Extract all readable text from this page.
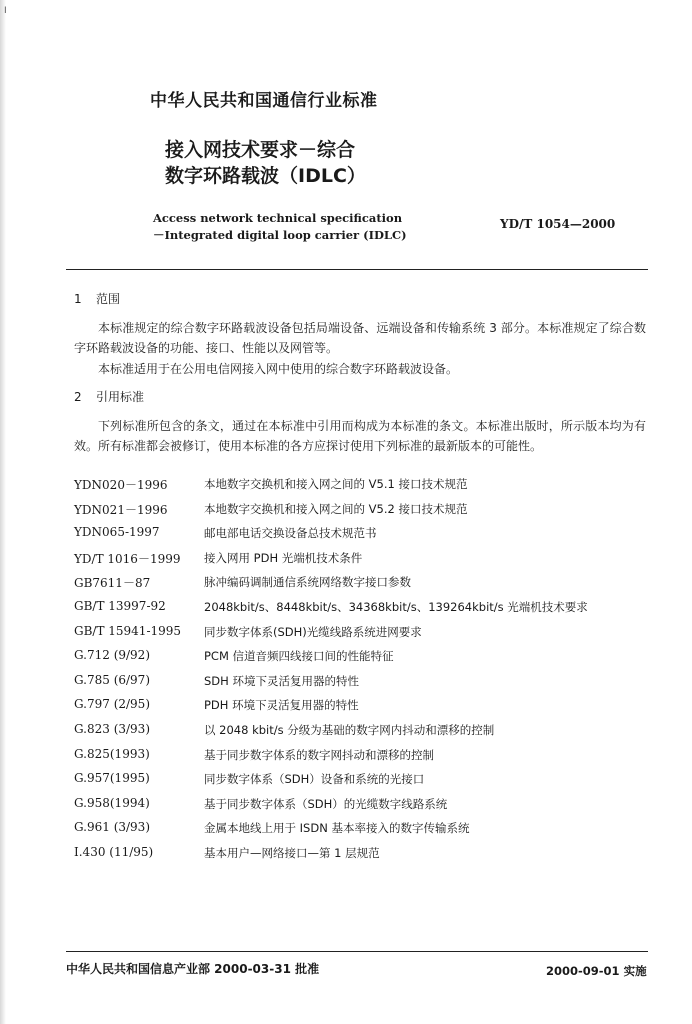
I
中华人民共和国通信行业标准
接入网技术要求－综合
数字环路载波（IDLC）
Access network technical specification
－Integrated digital loop carrier (IDLC)
YD/T 1054—2000
1 范围
本标准规定的综合数字环路载波设备包括局端设备、远端设备和传输系统 3 部分。本标准规定了综合数字环路载波设备的功能、接口、性能以及网管等。
本标准适用于在公用电信网接入网中使用的综合数字环路载波设备。
2 引用标准
下列标准所包含的条文，通过在本标准中引用而构成为本标准的条文。本标准出版时，所示版本均为有效。所有标准都会被修订，使用本标准的各方应探讨使用下列标准的最新版本的可能性。
YDN020－1996	本地数字交换机和接入网之间的 V5.1 接口技术规范
YDN021－1996	本地数字交换机和接入网之间的 V5.2 接口技术规范
YDN065-1997	邮电部电话交换设备总技术规范书
YD/T 1016－1999 接入网用 PDH 光端机技术条件
GB7611－87	脉冲编码调制通信系统网络数字接口参数
GB/T 13997-92	2048kbit/s、8448kbit/s、34368kbit/s、139264kbit/s 光端机技术要求
GB/T 15941-1995 同步数字体系(SDH)光缆线路系统进网要求
G.712 (9/92)	PCM 信道音频四线接口间的性能特征
G.785 (6/97)	SDH 环境下灵活复用器的特性
G.797 (2/95)	PDH 环境下灵活复用器的特性
G.823 (3/93)	以 2048 kbit/s 分级为基础的数字网内抖动和漂移的控制
G.825(1993)	基于同步数字体系的数字网抖动和漂移的控制
G.957(1995)	同步数字体系（SDH）设备和系统的光接口
G.958(1994)	基于同步数字体系（SDH）的光缆数字线路系统
G.961 (3/93)	金属本地线上用于 ISDN 基本率接入的数字传输系统
I.430 (11/95)	基本用户—网络接口—第 1 层规范
中华人民共和国信息产业部 2000-03-31 批准	2000-09-01 实施
